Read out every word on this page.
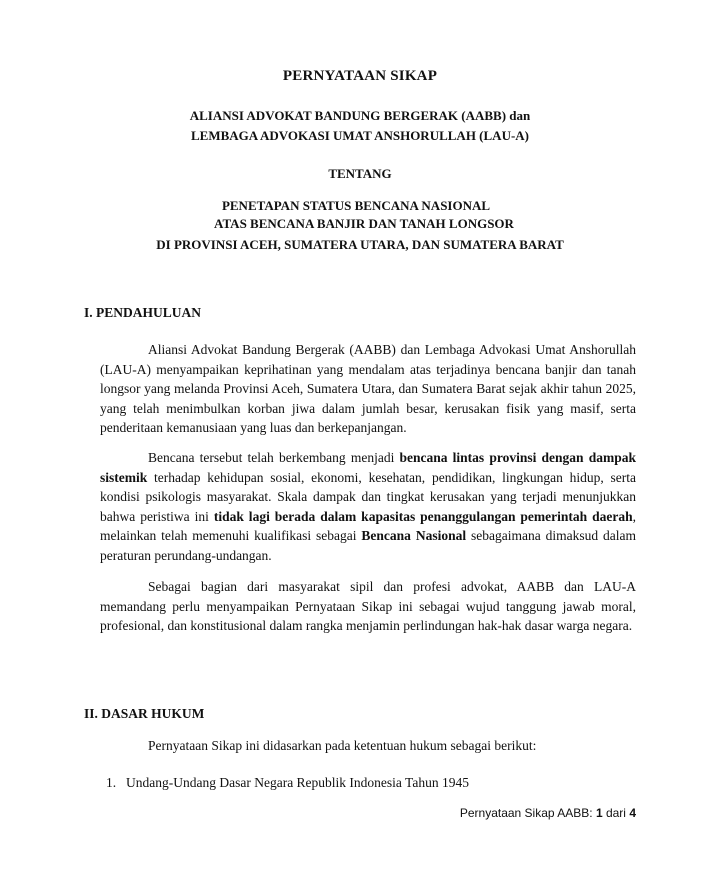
PERNYATAAN SIKAP
ALIANSI ADVOKAT BANDUNG BERGERAK (AABB) dan
LEMBAGA ADVOKASI UMAT ANSHORULLAH (LAU-A)
TENTANG
PENETAPAN STATUS BENCANA NASIONAL
ATAS BENCANA BANJIR DAN TANAH LONGSOR
DI PROVINSI ACEH, SUMATERA UTARA, DAN SUMATERA BARAT
I. PENDAHULUAN
Aliansi Advokat Bandung Bergerak (AABB) dan Lembaga Advokasi Umat Anshorullah (LAU-A) menyampaikan keprihatinan yang mendalam atas terjadinya bencana banjir dan tanah longsor yang melanda Provinsi Aceh, Sumatera Utara, dan Sumatera Barat sejak akhir tahun 2025, yang telah menimbulkan korban jiwa dalam jumlah besar, kerusakan fisik yang masif, serta penderitaan kemanusiaan yang luas dan berkepanjangan.
Bencana tersebut telah berkembang menjadi bencana lintas provinsi dengan dampak sistemik terhadap kehidupan sosial, ekonomi, kesehatan, pendidikan, lingkungan hidup, serta kondisi psikologis masyarakat. Skala dampak dan tingkat kerusakan yang terjadi menunjukkan bahwa peristiwa ini tidak lagi berada dalam kapasitas penanggulangan pemerintah daerah, melainkan telah memenuhi kualifikasi sebagai Bencana Nasional sebagaimana dimaksud dalam peraturan perundang-undangan.
Sebagai bagian dari masyarakat sipil dan profesi advokat, AABB dan LAU-A memandang perlu menyampaikan Pernyataan Sikap ini sebagai wujud tanggung jawab moral, profesional, dan konstitusional dalam rangka menjamin perlindungan hak-hak dasar warga negara.
II. DASAR HUKUM
Pernyataan Sikap ini didasarkan pada ketentuan hukum sebagai berikut:
1. Undang-Undang Dasar Negara Republik Indonesia Tahun 1945
Pernyataan Sikap AABB: 1 dari 4
